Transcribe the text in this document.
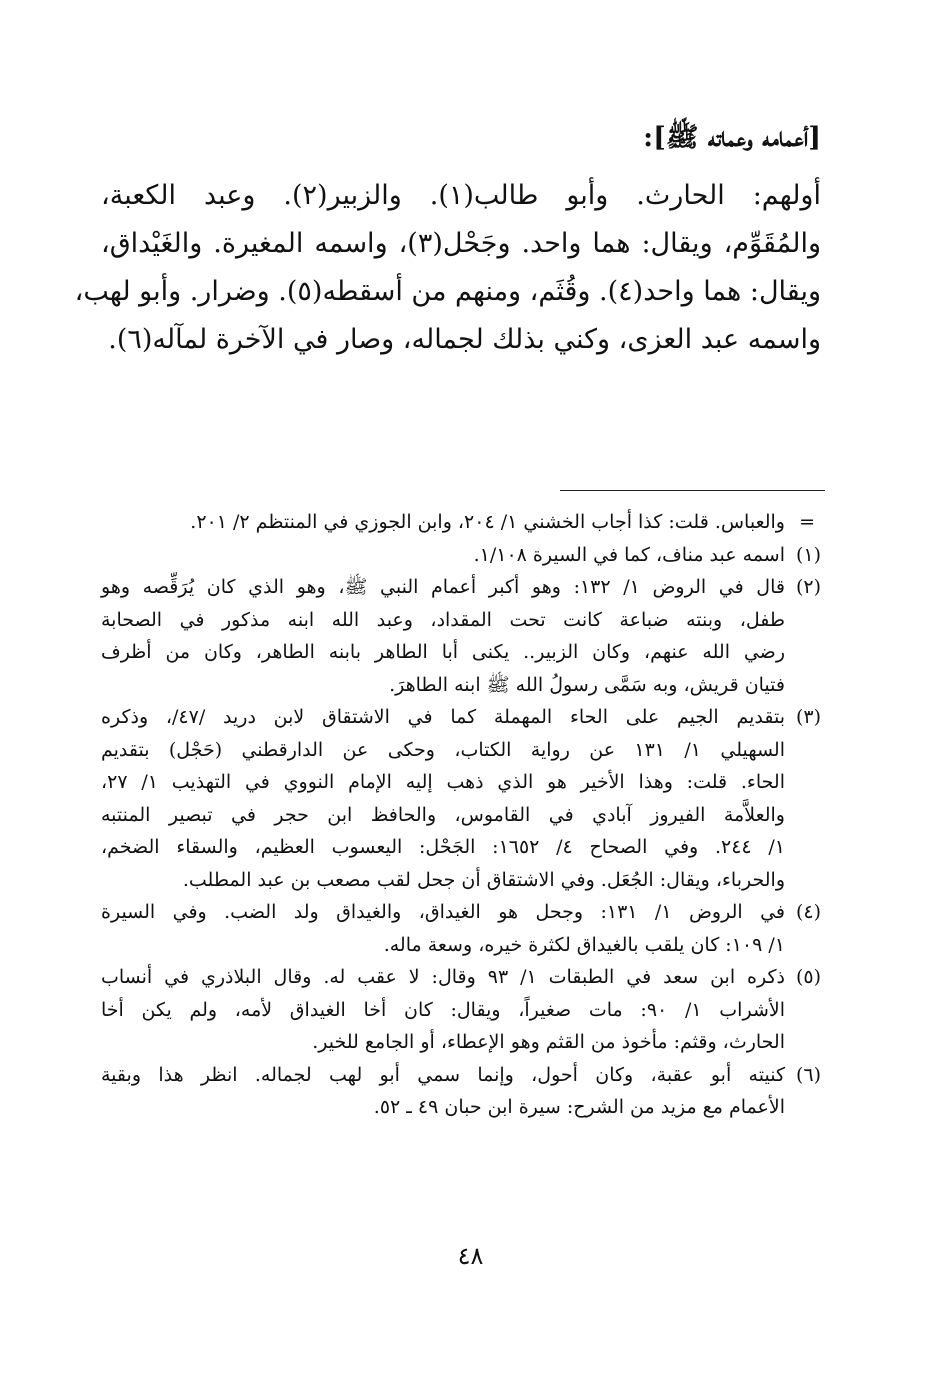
[أعمامه وعماته ﷺ]:
أولهم: الحارث. وأبو طالب(١). والزبير(٢). وعبد الكعبة،
والمُقَوِّم، ويقال: هما واحد. وجَحْل(٣)، واسمه المغيرة. والغَيْداق،
ويقال: هما واحد(٤). وقُثَم، ومنهم من أسقطه(٥). وضرار. وأبو لهب،
واسمه عبد العزى، وكني بذلك لجماله، وصار في الآخرة لمآله(٦).
=
والعباس. قلت: كذا أجاب الخشني ١/ ٢٠٤، وابن الجوزي في المنتظم ٢/ ٢٠١.
(١)
اسمه عبد مناف، كما في السيرة ١/١٠٨.
(٢)
قال في الروض ١/ ١٣٢: وهو أكبر أعمام النبي ﷺ، وهو الذي كان يُرَقِّصه وهو
طفل، وبنته ضباعة كانت تحت المقداد، وعبد الله ابنه مذكور في الصحابة
رضي الله عنهم، وكان الزبير.. يكنى أبا الطاهر بابنه الطاهر، وكان من أظرف
فتيان قريش، وبه سَمَّى رسولُ الله ﷺ ابنه الطاهرَ.
(٣)
بتقديم الجيم على الحاء المهملة كما في الاشتقاق لابن دريد /٤٧/، وذكره
السهيلي ١/ ١٣١ عن رواية الكتاب، وحكى عن الدارقطني (حَجْل) بتقديم
الحاء. قلت: وهذا الأخير هو الذي ذهب إليه الإمام النووي في التهذيب ١/ ٢٧،
والعلاَّمة الفيروز آبادي في القاموس، والحافظ ابن حجر في تبصير المنتبه
١/ ٢٤٤. وفي الصحاح ٤/ ١٦٥٢: الجَحْل: اليعسوب العظيم، والسقاء الضخم،
والحرباء، ويقال: الجُعَل. وفي الاشتقاق أن جحل لقب مصعب بن عبد المطلب.
(٤)
في الروض ١/ ١٣١: وجحل هو الغيداق، والغيداق ولد الضب. وفي السيرة
١/ ١٠٩: كان يلقب بالغيداق لكثرة خيره، وسعة ماله.
(٥)
ذكره ابن سعد في الطبقات ١/ ٩٣ وقال: لا عقب له. وقال البلاذري في أنساب
الأشراب ١/ ٩٠: مات صغيراً، ويقال: كان أخا الغيداق لأمه، ولم يكن أخا
الحارث، وقثم: مأخوذ من القثم وهو الإعطاء، أو الجامع للخير.
(٦)
كنيته أبو عقبة، وكان أحول، وإنما سمي أبو لهب لجماله. انظر هذا وبقية
الأعمام مع مزيد من الشرح: سيرة ابن حبان ٤٩ ـ ٥٢.
٤٨
